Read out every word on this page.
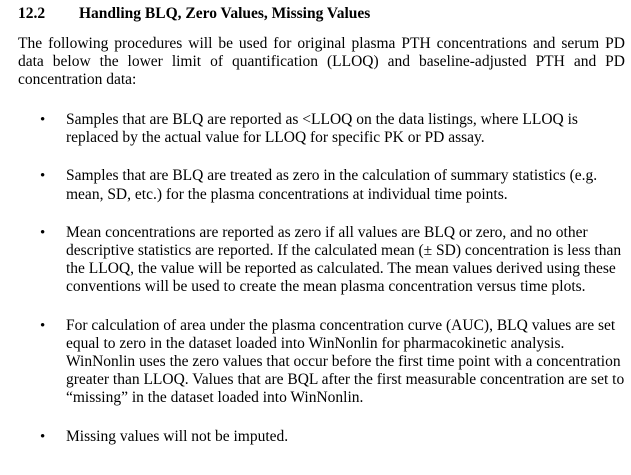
12.2	Handling BLQ, Zero Values, Missing Values

The following procedures will be used for original plasma PTH concentrations and serum PD data below the lower limit of quantification (LLOQ) and baseline-adjusted PTH and PD concentration data:

• Samples that are BLQ are reported as <LLOQ on the data listings, where LLOQ is replaced by the actual value for LLOQ for specific PK or PD assay.
• Samples that are BLQ are treated as zero in the calculation of summary statistics (e.g. mean, SD, etc.) for the plasma concentrations at individual time points.
• Mean concentrations are reported as zero if all values are BLQ or zero, and no other descriptive statistics are reported. If the calculated mean (± SD) concentration is less than the LLOQ, the value will be reported as calculated. The mean values derived using these conventions will be used to create the mean plasma concentration versus time plots.
• For calculation of area under the plasma concentration curve (AUC), BLQ values are set equal to zero in the dataset loaded into WinNonlin for pharmacokinetic analysis. WinNonlin uses the zero values that occur before the first time point with a concentration greater than LLOQ. Values that are BQL after the first measurable concentration are set to “missing” in the dataset loaded into WinNonlin.
• Missing values will not be imputed.
